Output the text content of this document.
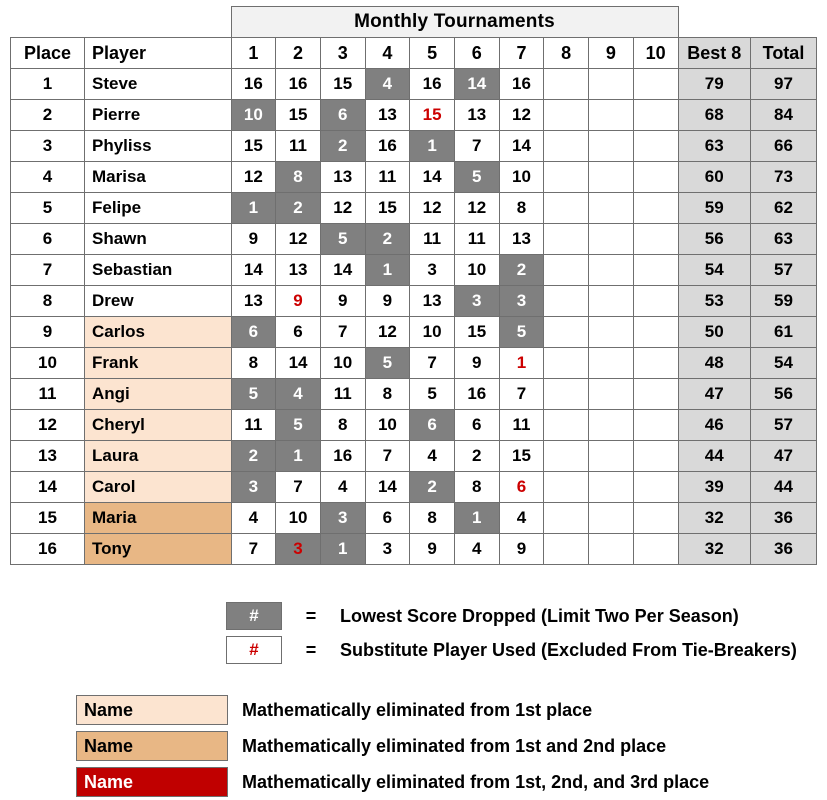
		Monthly Tournaments											
Place	Player	1	2	3	4	5	6	7	8	9	10	Best 8	Total
1	Steve	16	16	15	4	16	14	16				79	97
2	Pierre	10	15	6	13	15	13	12				68	84
3	Phyliss	15	11	2	16	1	7	14				63	66
4	Marisa	12	8	13	11	14	5	10				60	73
5	Felipe	1	2	12	15	12	12	8				59	62
6	Shawn	9	12	5	2	11	11	13				56	63
7	Sebastian	14	13	14	1	3	10	2				54	57
8	Drew	13	9	9	9	13	3	3				53	59
9	Carlos	6	6	7	12	10	15	5				50	61
10	Frank	8	14	10	5	7	9	1				48	54
11	Angi	5	4	11	8	5	16	7				47	56
12	Cheryl	11	5	8	10	6	6	11				46	57
13	Laura	2	1	16	7	4	2	15				44	47
14	Carol	3	7	4	14	2	8	6				39	44
15	Maria	4	10	3	6	8	1	4				32	36
16	Tony	7	3	1	3	9	4	9				32	36
#	=	Lowest Score Dropped (Limit Two Per Season)
#	=	Substitute Player Used (Excluded From Tie-Breakers)
Name	Mathematically eliminated from 1st place
Name	Mathematically eliminated from 1st and 2nd place
Name	Mathematically eliminated from 1st, 2nd, and 3rd place
